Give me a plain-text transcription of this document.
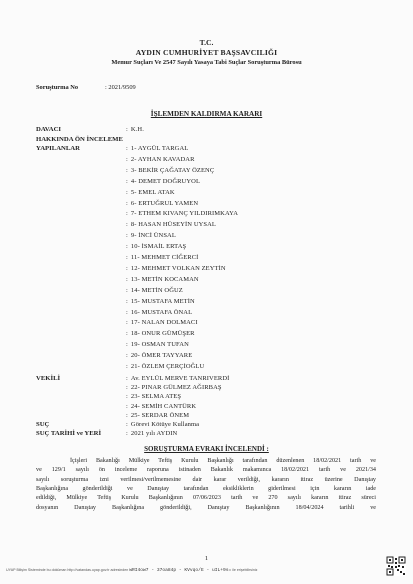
T.C.
AYDIN CUMHURİYET BAŞSAVCILIĞI
Memur Suçları Ve 2547 Sayılı Yasaya Tabi Suçlar Soruşturma Bürosu
Soruşturma No	: 2021/9509
İŞLEMDEN KALDIRMA KARARI
DAVACI	: K.H.
HAKKINDA ÖN İNCELEME
YAPILANLAR	: 1- AYGÜL TARGAL
: 2- AYHAN KAVADAR
: 3- BEKİR ÇAĞATAY ÖZENÇ
: 4- DEMET DOĞRUYOL
: 5- EMEL ATAK
: 6- ERTUĞRUL YAMEN
: 7- ETHEM KIVANÇ YILDIRIMKAYA
: 8- HASAN HÜSEYİN UYSAL
: 9- İNCİ ÜNSAL
: 10- İSMAİL ERTAŞ
: 11- MEHMET CİĞERCİ
: 12- MEHMET VOLKAN ZEYTİN
: 13- METİN KOCAMAN
: 14- METİN OĞUZ
: 15- MUSTAFA METİN
: 16- MUSTAFA ÖNAL
: 17- NALAN DOLMACI
: 18- ONUR GÜMÜŞER
: 19- OSMAN TUFAN
: 20- ÖMER TAYYARE
: 21- ÖZLEM ÇERÇİOĞLU
VEKİLİ	: Av. EYLÜL MERVE TANRIVERDİ
: 22- PINAR GÜLMEZ AĞIRBAŞ
: 23- SELMA ATEŞ
: 24- SEMİH CANTÜRK
: 25- SERDAR ÖNEM
SUÇ	: Görevi Kötüye Kullanma
SUÇ TARİHİ ve YERİ	: 2021 yılı AYDIN
SORUŞTURMA EVRAKI İNCELENDİ :
İçişleri Bakanlığı Mülkiye Teftiş Kurulu Başkanlığı tarafından düzenlenen 18/02/2021 tarih ve
ve 129/1 sayılı ön inceleme raporuna istinaden Bakanlık makamınca 18/02/2021 tarih ve 2021/34
sayılı soruşturma izni verilmesi/verilmemesine dair karar verildiği, kararın itiraz üzerine Danıştay
Başkanlığına gönderildiği ve Danıştay tarafından eksikliklerin giderilmesi için kararın iade
edildiği, Mülkiye Teftiş Kurulu Başkanlığının 07/06/2023 tarih ve 270 sayılı kararın itiraz süreci
dosyanın Danıştay Başkanlığına gönderildiği, Danıştay Başkanlığının 18/04/2024 tarihli ve
1
UYAP Bilişim Sisteminde bu doküman http://vatandas.uyap.gov.tr adresinden wRI4ow7 - 37oa84p - KVvqo/E - uIL+9s= ile erişebilirsiniz
